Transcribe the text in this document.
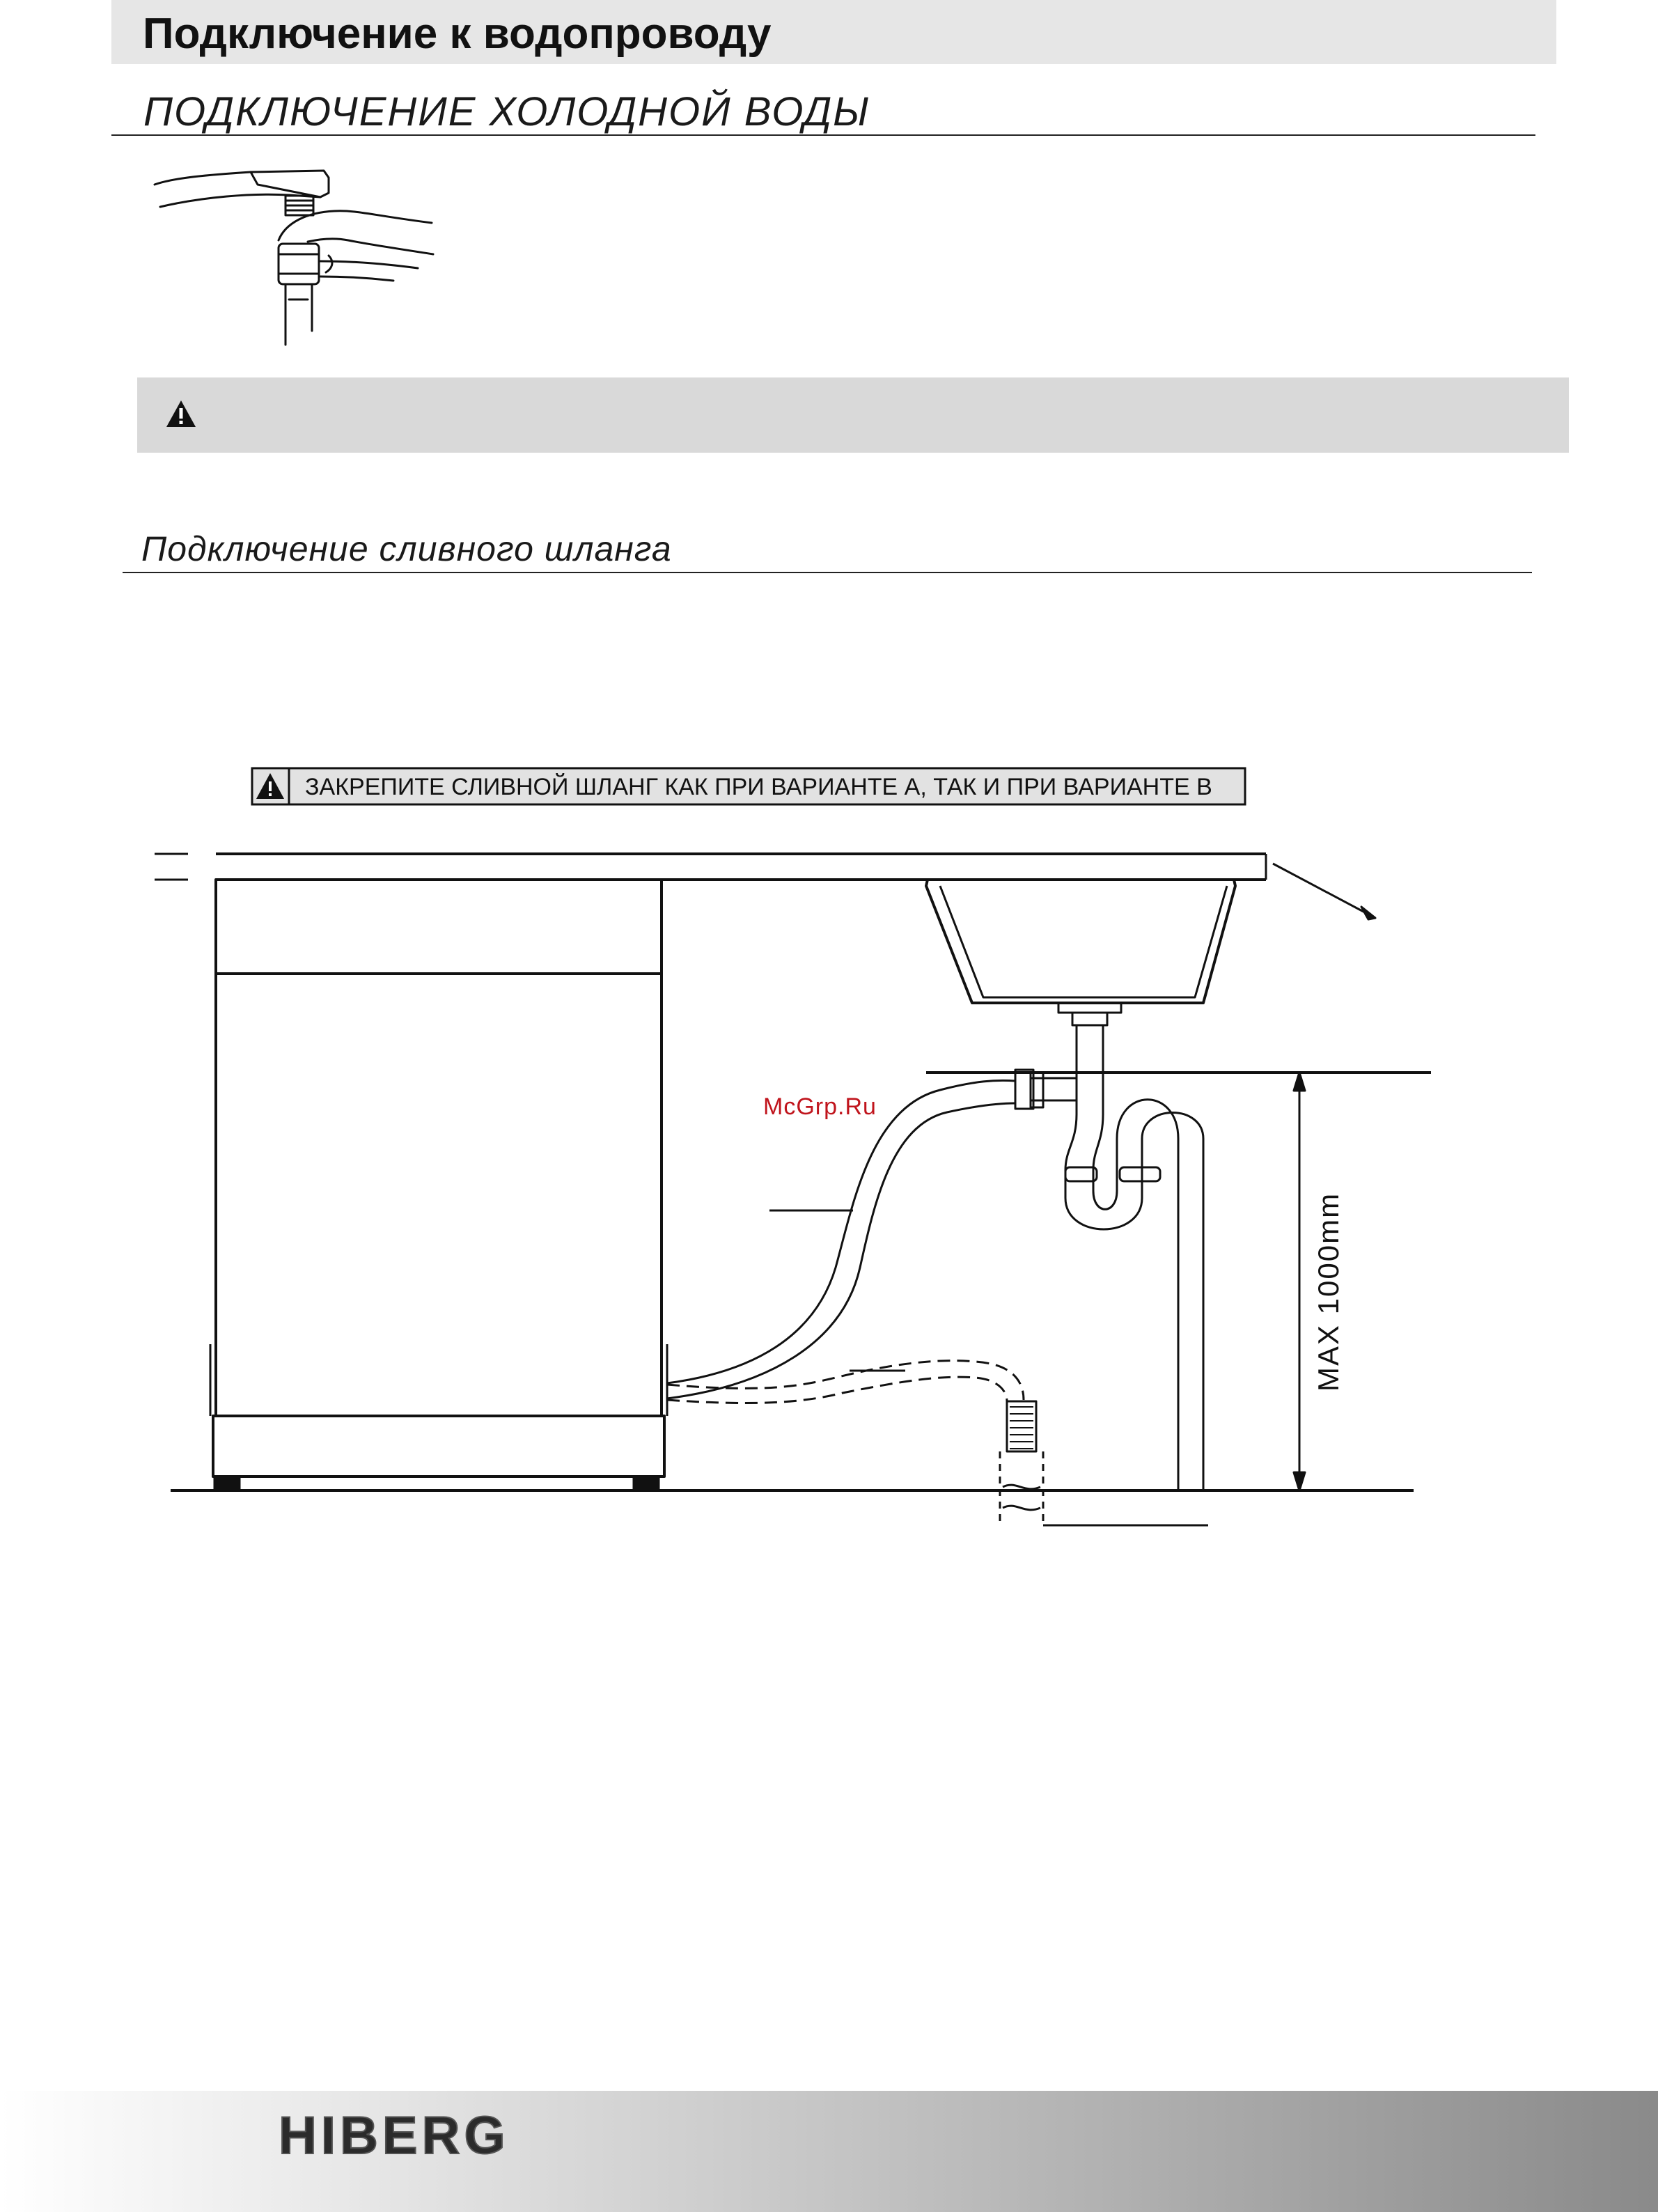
Подключение к водопроводу
ПОДКЛЮЧЕНИЕ ХОЛОДНОЙ ВОДЫ
Подключение сливного шланга
ЗАКРЕПИТЕ СЛИВНОЙ ШЛАНГ КАК ПРИ ВАРИАНТЕ А, ТАК И ПРИ ВАРИАНТЕ В
MAX 1000mm
McGrp.Ru
HIBERG
